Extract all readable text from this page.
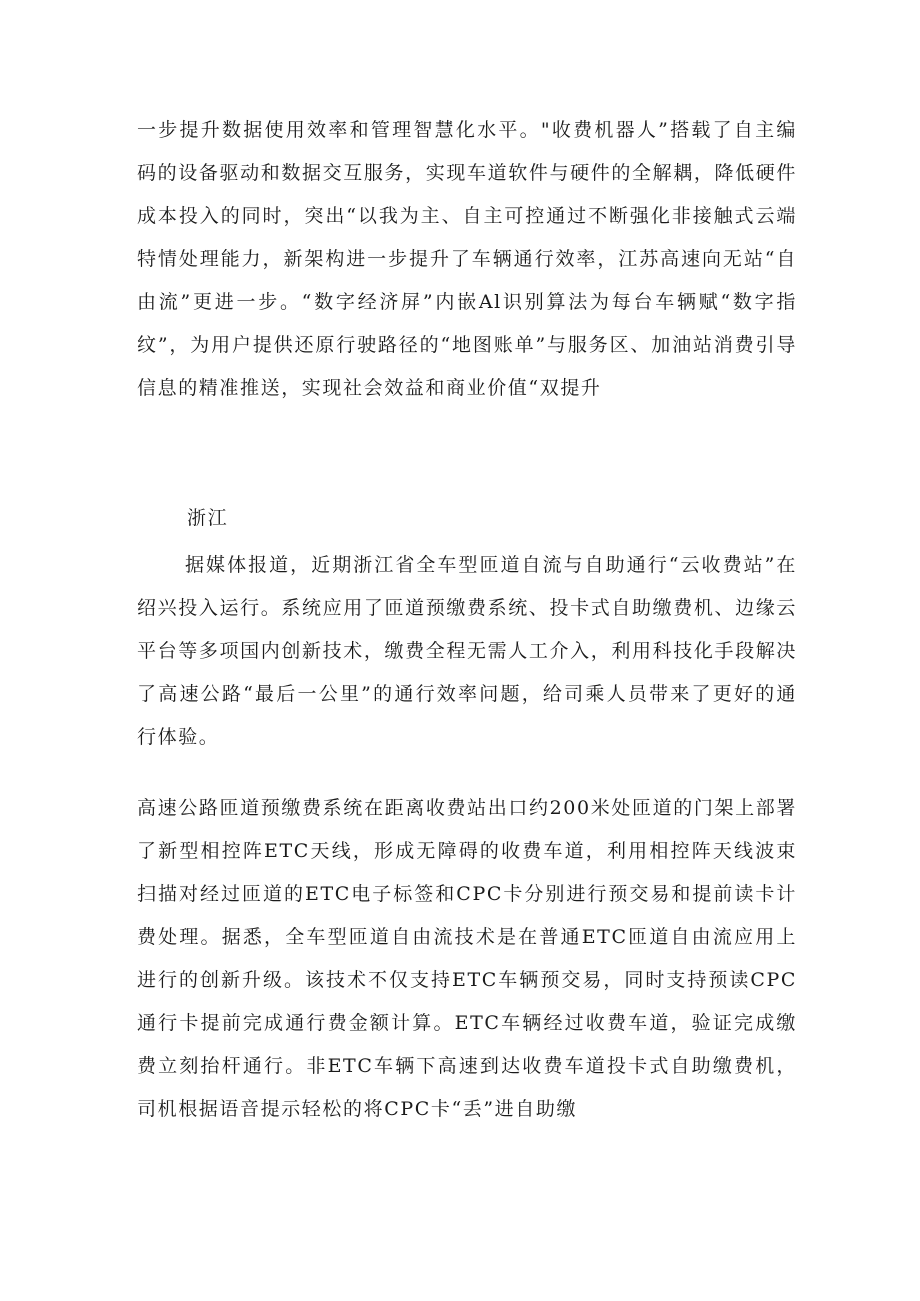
一步提升数据使用效率和管理智慧化水平。"收费机器人”搭载了自主编码的设备驱动和数据交互服务，实现车道软件与硬件的全解耦，降低硬件成本投入的同时，突出“以我为主、自主可控通过不断强化非接触式云端特情处理能力，新架构进一步提升了车辆通行效率，江苏高速向无站“自由流”更进一步。“数字经济屏”内嵌Al识别算法为每台车辆赋“数字指纹”，为用户提供还原行驶路径的“地图账单”与服务区、加油站消费引导信息的精准推送，实现社会效益和商业价值“双提升

浙江

据媒体报道，近期浙江省全车型匝道自流与自助通行“云收费站”在绍兴投入运行。系统应用了匝道预缴费系统、投卡式自助缴费机、边缘云平台等多项国内创新技术，缴费全程无需人工介入，利用科技化手段解决了高速公路“最后一公里”的通行效率问题，给司乘人员带来了更好的通行体验。

高速公路匝道预缴费系统在距离收费站出口约200米处匝道的门架上部署了新型相控阵ETC天线，形成无障碍的收费车道，利用相控阵天线波束扫描对经过匝道的ETC电子标签和CPC卡分别进行预交易和提前读卡计费处理。据悉，全车型匝道自由流技术是在普通ETC匝道自由流应用上进行的创新升级。该技术不仅支持ETC车辆预交易，同时支持预读CPC通行卡提前完成通行费金额计算。ETC车辆经过收费车道，验证完成缴费立刻抬杆通行。非ETC车辆下高速到达收费车道投卡式自助缴费机，司机根据语音提示轻松的将CPC卡“丢”进自助缴
